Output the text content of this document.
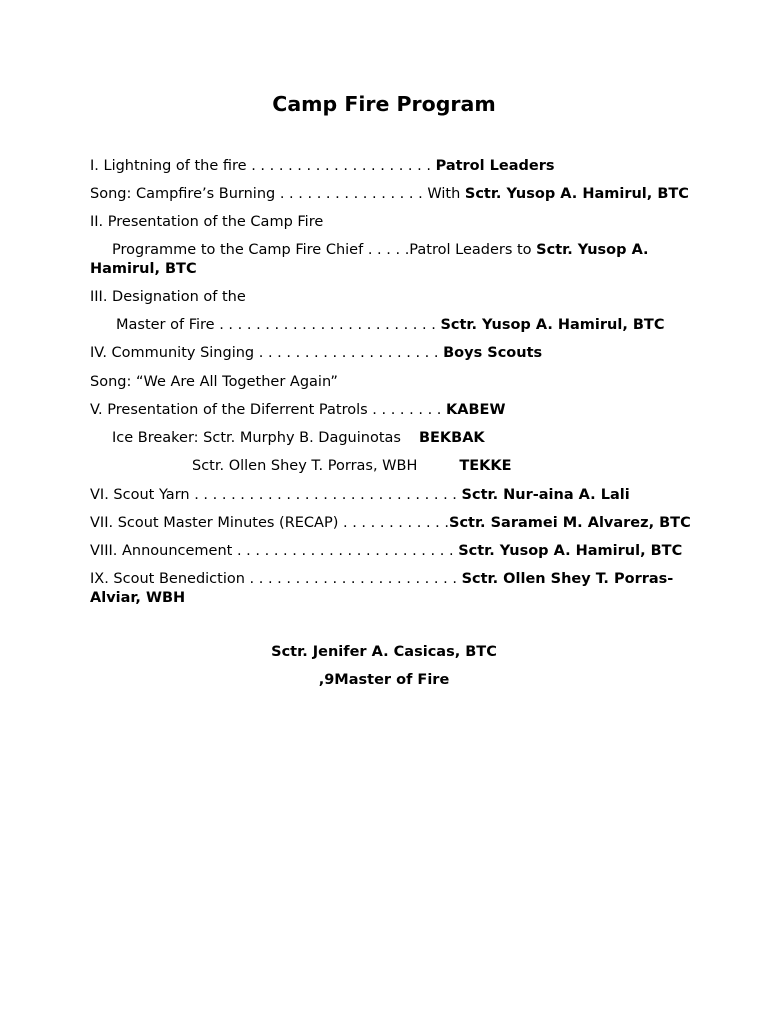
Camp Fire Program
I. Lightning of the fire . . . . . . . . . . . . . . . . . . . . Patrol Leaders
Song: Campfire’s Burning . . . . . . . . . . . . . . . . With Sctr. Yusop A. Hamirul, BTC
II. Presentation of the Camp Fire
Programme to the Camp Fire Chief . . . . .Patrol Leaders to Sctr. Yusop A. Hamirul, BTC
III. Designation of the
Master of Fire . . . . . . . . . . . . . . . . . . . . . . . . Sctr. Yusop A. Hamirul, BTC
IV. Community Singing . . . . . . . . . . . . . . . . . . . . Boys Scouts
Song: “We Are All Together Again”
V. Presentation of the Diferrent Patrols . . . . . . . . KABEW
Ice Breaker: Sctr. Murphy B. Daguinotas BEKBAK
Sctr. Ollen Shey T. Porras, WBH	TEKKE
VI. Scout Yarn . . . . . . . . . . . . . . . . . . . . . . . . . . . . . Sctr. Nur-aina A. Lali
VII. Scout Master Minutes (RECAP) . . . . . . . . . . . .Sctr. Saramei M. Alvarez, BTC
VIII. Announcement . . . . . . . . . . . . . . . . . . . . . . . . Sctr. Yusop A. Hamirul, BTC
IX. Scout Benediction . . . . . . . . . . . . . . . . . . . . . . . Sctr. Ollen Shey T. Porras-Alviar, WBH
Sctr. Jenifer A. Casicas, BTC
,9Master of Fire
